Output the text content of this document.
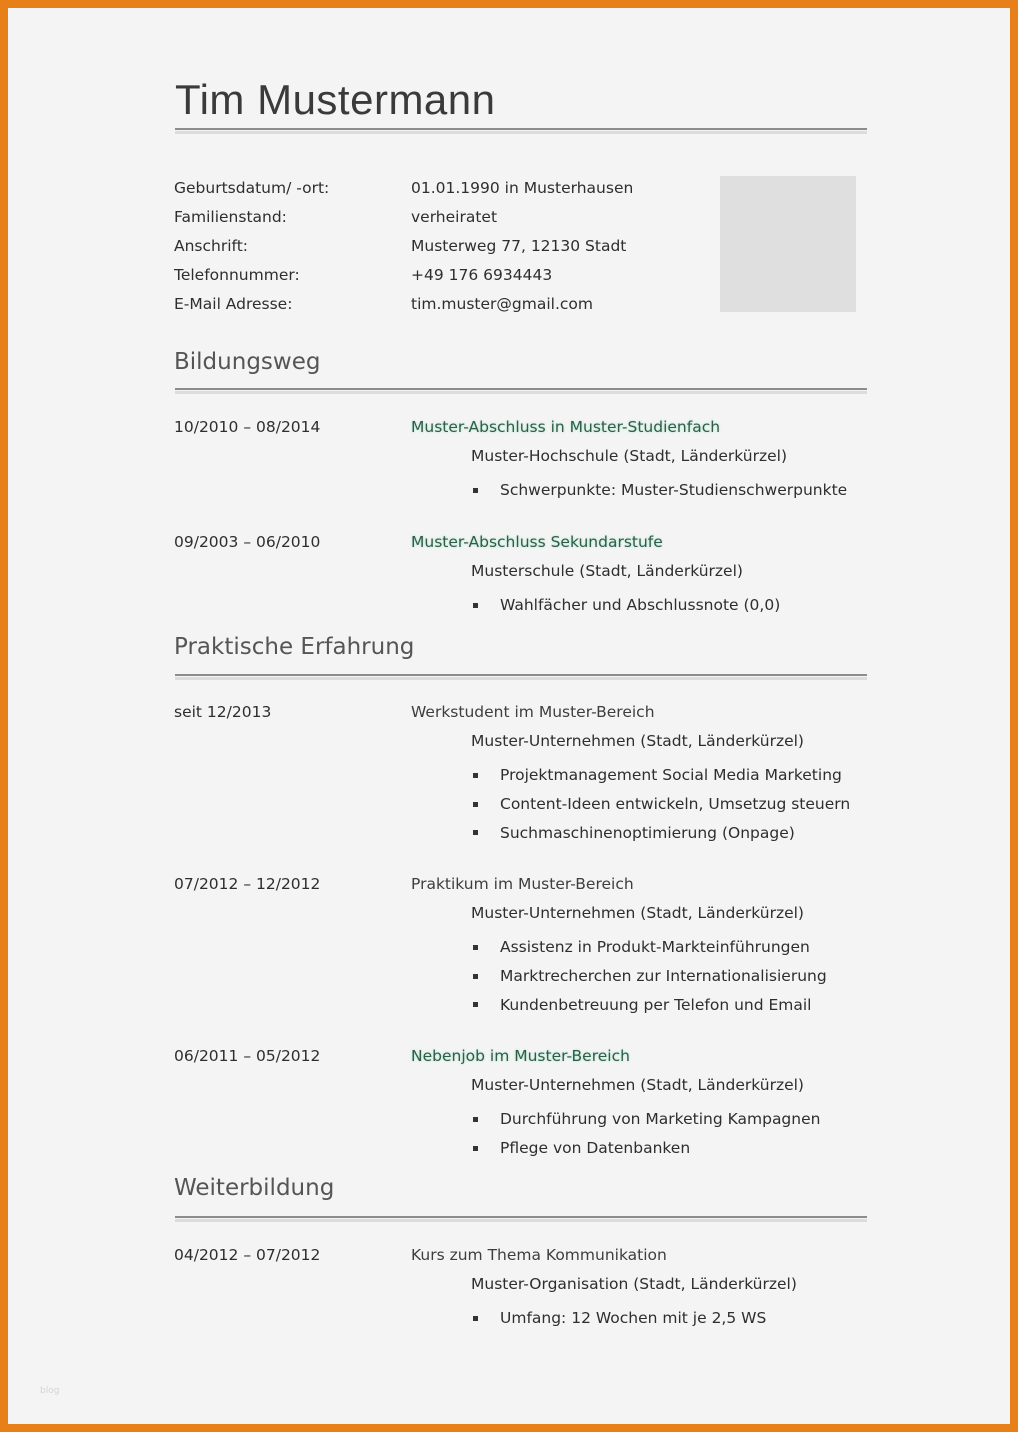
Tim Mustermann
Geburtsdatum/ -ort:	01.01.1990 in Musterhausen
Familienstand:	verheiratet
Anschrift:	Musterweg 77, 12130 Stadt
Telefonnummer:	+49 176 6934443
E-Mail Adresse:	tim.muster@gmail.com
Bildungsweg
10/2010 – 08/2014	Muster-Abschluss in Muster-Studienfach
Muster-Hochschule (Stadt, Länderkürzel)
Schwerpunkte: Muster-Studienschwerpunkte
09/2003 – 06/2010	Muster-Abschluss Sekundarstufe
Musterschule (Stadt, Länderkürzel)
Wahlfächer und Abschlussnote (0,0)
Praktische Erfahrung
seit 12/2013	Werkstudent im Muster-Bereich
Muster-Unternehmen (Stadt, Länderkürzel)
Projektmanagement Social Media Marketing
Content-Ideen entwickeln, Umsetzug steuern
Suchmaschinenoptimierung (Onpage)
07/2012 – 12/2012	Praktikum im Muster-Bereich
Muster-Unternehmen (Stadt, Länderkürzel)
Assistenz in Produkt-Markteinführungen
Marktrecherchen zur Internationalisierung
Kundenbetreuung per Telefon und Email
06/2011 – 05/2012	Nebenjob im Muster-Bereich
Muster-Unternehmen (Stadt, Länderkürzel)
Durchführung von Marketing Kampagnen
Pflege von Datenbanken
Weiterbildung
04/2012 – 07/2012	Kurs zum Thema Kommunikation
Muster-Organisation (Stadt, Länderkürzel)
Umfang: 12 Wochen mit je 2,5 WS
blog
